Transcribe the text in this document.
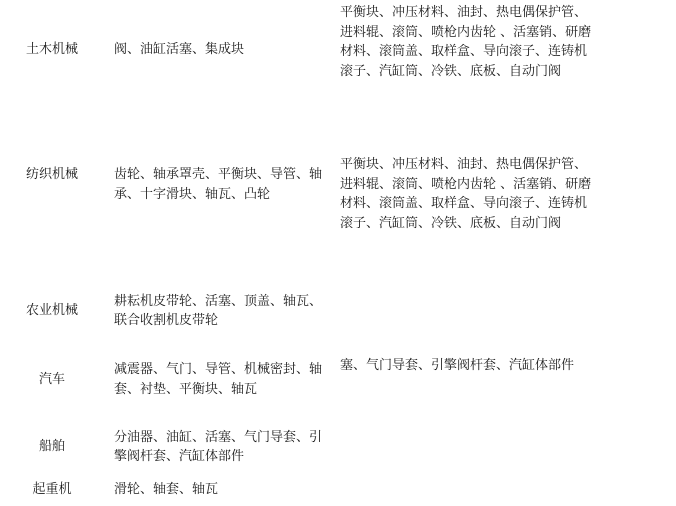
土木机械	阀、油缸活塞、集成块	平衡块、冲压材料、油封、热电偶保护管、进料辊、滚筒、喷枪内齿轮 、活塞销、研磨材料、滚筒盖、取样盒、导向滚子、连铸机滚子、汽缸筒、冷铁、底板、自动门阀	

纺织机械	齿轮、轴承罩壳、平衡块、导管、轴承、十字滑块、轴瓦、凸轮	平衡块、冲压材料、油封、热电偶保护管、进料辊、滚筒、喷枪内齿轮 、活塞销、研磨材料、滚筒盖、取样盒、导向滚子、连铸机滚子、汽缸筒、冷铁、底板、自动门阀	

农业机械	耕耘机皮带轮、活塞、顶盖、轴瓦、联合收割机皮带轮		

汽车	减震器、气门、导管、机械密封、轴套、衬垫、平衡块、轴瓦	塞、气门导套、引擎阀杆套、汽缸体部件	

船舶	分油器、油缸、活塞、气门导套、引擎阀杆套、汽缸体部件		

起重机	滑轮、轴套、轴瓦		
